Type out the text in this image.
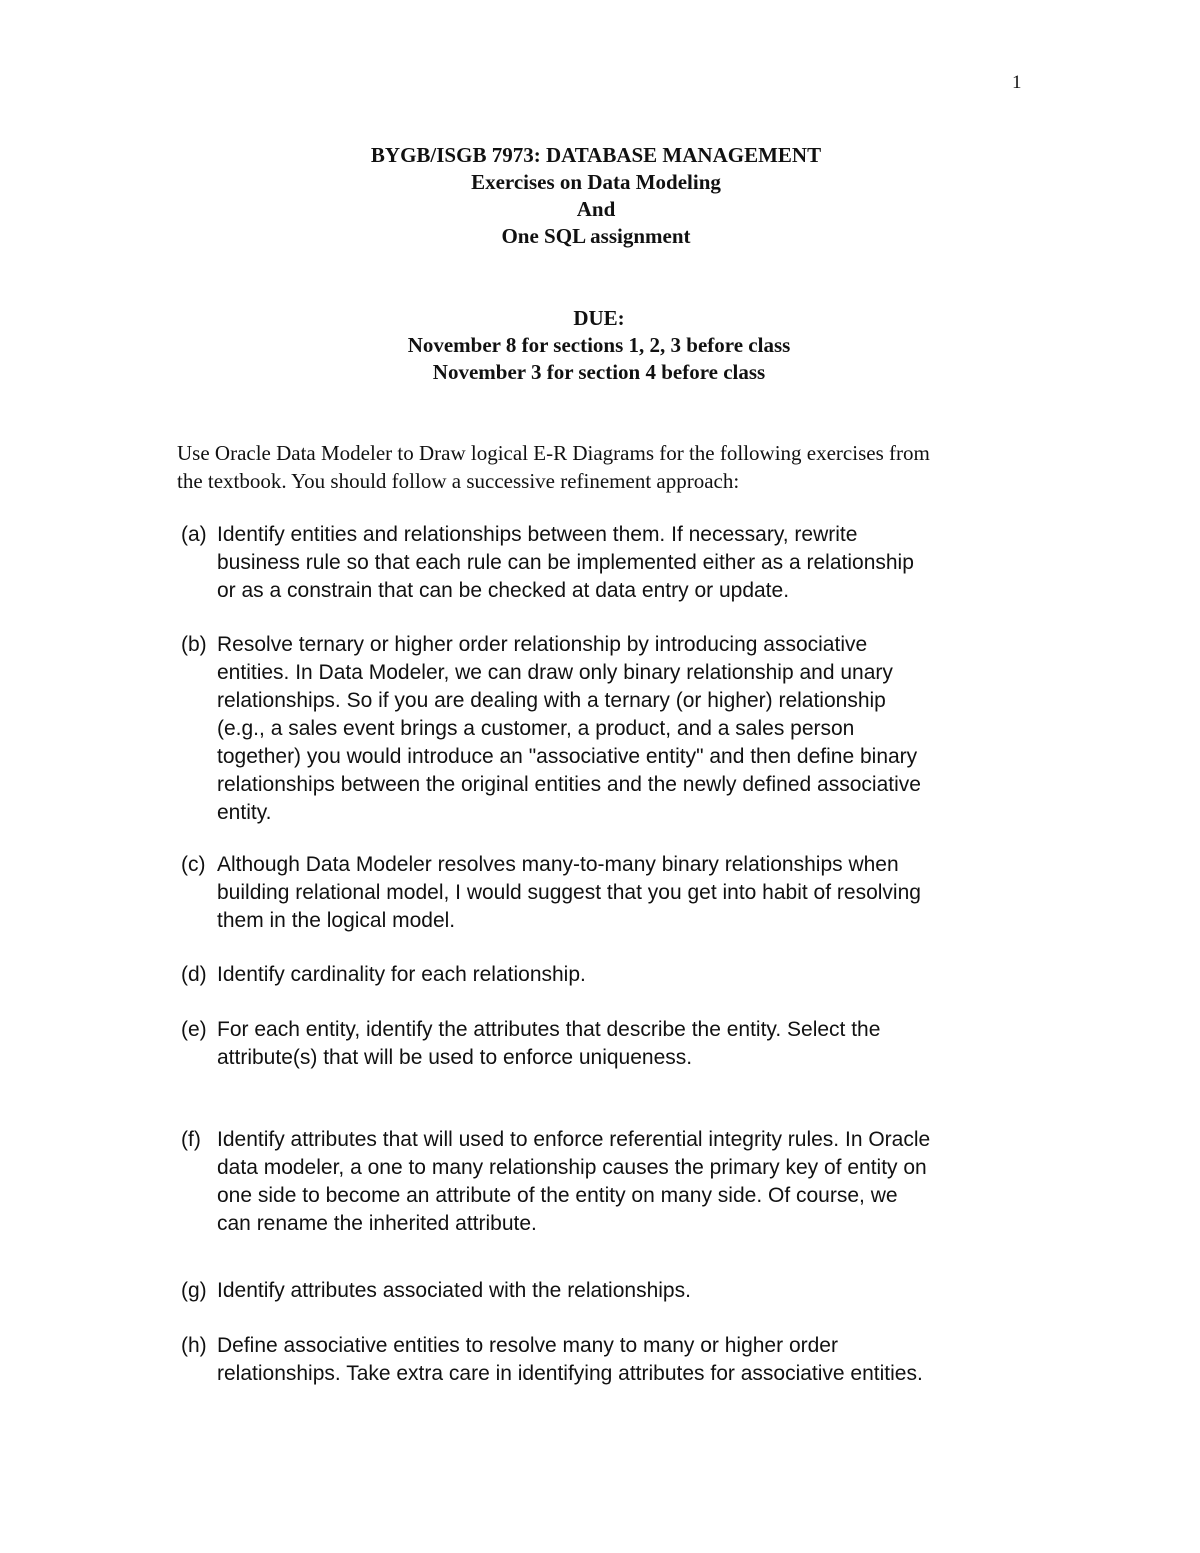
1
BYGB/ISGB 7973: DATABASE MANAGEMENT
Exercises on Data Modeling
And
One SQL assignment
DUE:
November 8 for sections 1, 2, 3 before class
November 3 for section 4 before class
Use Oracle Data Modeler to Draw logical E-R Diagrams for the following exercises from
the textbook. You should follow a successive refinement approach:
(a) Identify entities and relationships between them. If necessary, rewrite
business rule so that each rule can be implemented either as a relationship
or as a constrain that can be checked at data entry or update.
(b) Resolve ternary or higher order relationship by introducing associative
entities. In Data Modeler, we can draw only binary relationship and unary
relationships. So if you are dealing with a ternary (or higher) relationship
(e.g., a sales event brings a customer, a product, and a sales person
together) you would introduce an "associative entity" and then define binary
relationships between the original entities and the newly defined associative
entity.
(c) Although Data Modeler resolves many-to-many binary relationships when
building relational model, I would suggest that you get into habit of resolving
them in the logical model.
(d) Identify cardinality for each relationship.
(e) For each entity, identify the attributes that describe the entity. Select the
attribute(s) that will be used to enforce uniqueness.
(f) Identify attributes that will used to enforce referential integrity rules. In Oracle
data modeler, a one to many relationship causes the primary key of entity on
one side to become an attribute of the entity on many side. Of course, we
can rename the inherited attribute.
(g) Identify attributes associated with the relationships.
(h) Define associative entities to resolve many to many or higher order
relationships. Take extra care in identifying attributes for associative entities.
